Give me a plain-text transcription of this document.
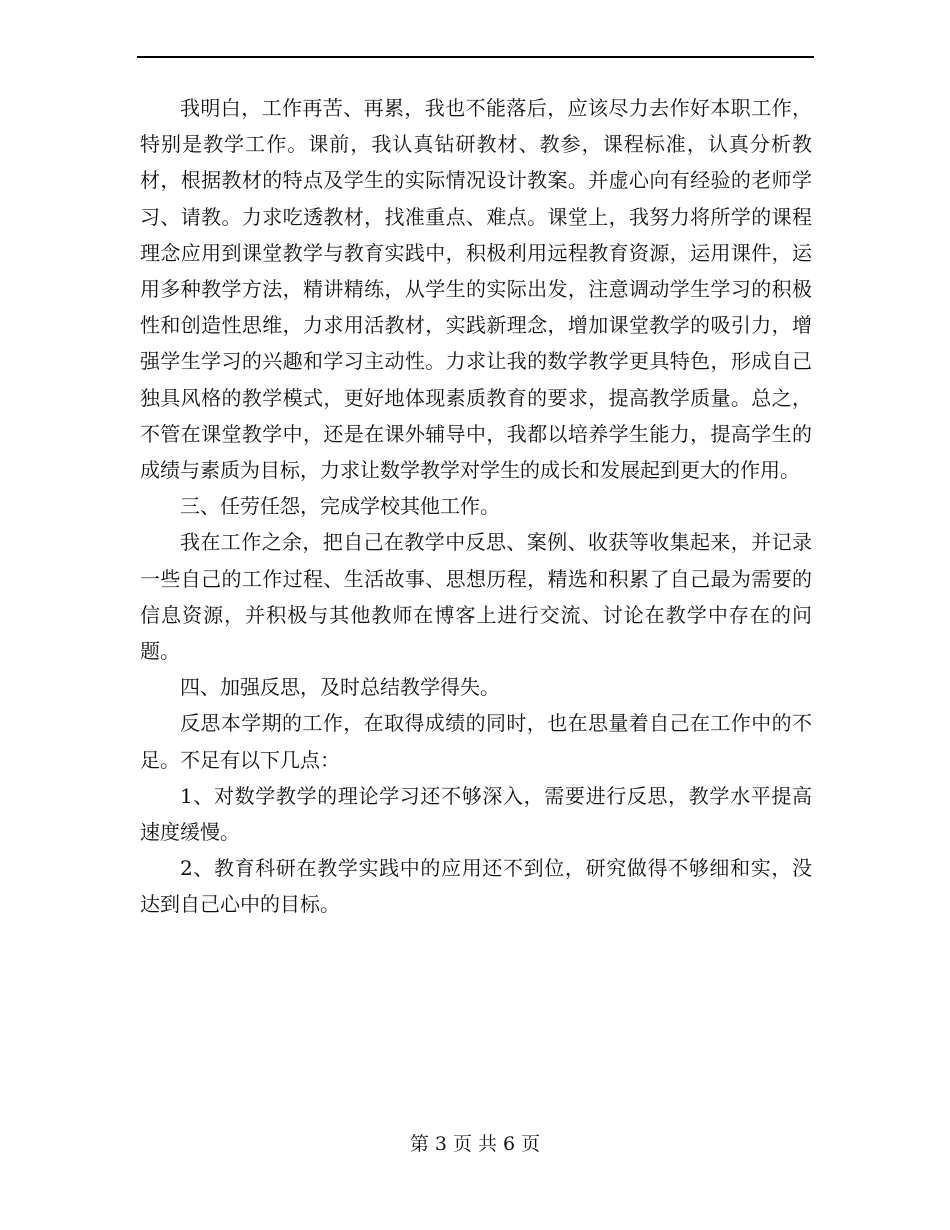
我明白，工作再苦、再累，我也不能落后，应该尽力去作好本职工作，特别是教学工作。课前，我认真钻研教材、教参，课程标准，认真分析教材，根据教材的特点及学生的实际情况设计教案。并虚心向有经验的老师学习、请教。力求吃透教材，找准重点、难点。课堂上，我努力将所学的课程理念应用到课堂教学与教育实践中，积极利用远程教育资源，运用课件，运用多种教学方法，精讲精练，从学生的实际出发，注意调动学生学习的积极性和创造性思维，力求用活教材，实践新理念，增加课堂教学的吸引力，增强学生学习的兴趣和学习主动性。力求让我的数学教学更具特色，形成自己独具风格的教学模式，更好地体现素质教育的要求，提高教学质量。总之，不管在课堂教学中，还是在课外辅导中，我都以培养学生能力，提高学生的成绩与素质为目标，力求让数学教学对学生的成长和发展起到更大的作用。

三、任劳任怨，完成学校其他工作。

我在工作之余，把自己在教学中反思、案例、收获等收集起来，并记录一些自己的工作过程、生活故事、思想历程，精选和积累了自己最为需要的信息资源，并积极与其他教师在博客上进行交流、讨论在教学中存在的问题。

四、加强反思，及时总结教学得失。

反思本学期的工作，在取得成绩的同时，也在思量着自己在工作中的不足。不足有以下几点：

1、对数学教学的理论学习还不够深入，需要进行反思，教学水平提高速度缓慢。

2、教育科研在教学实践中的应用还不到位，研究做得不够细和实，没达到自己心中的目标。

第 3 页 共 6 页
